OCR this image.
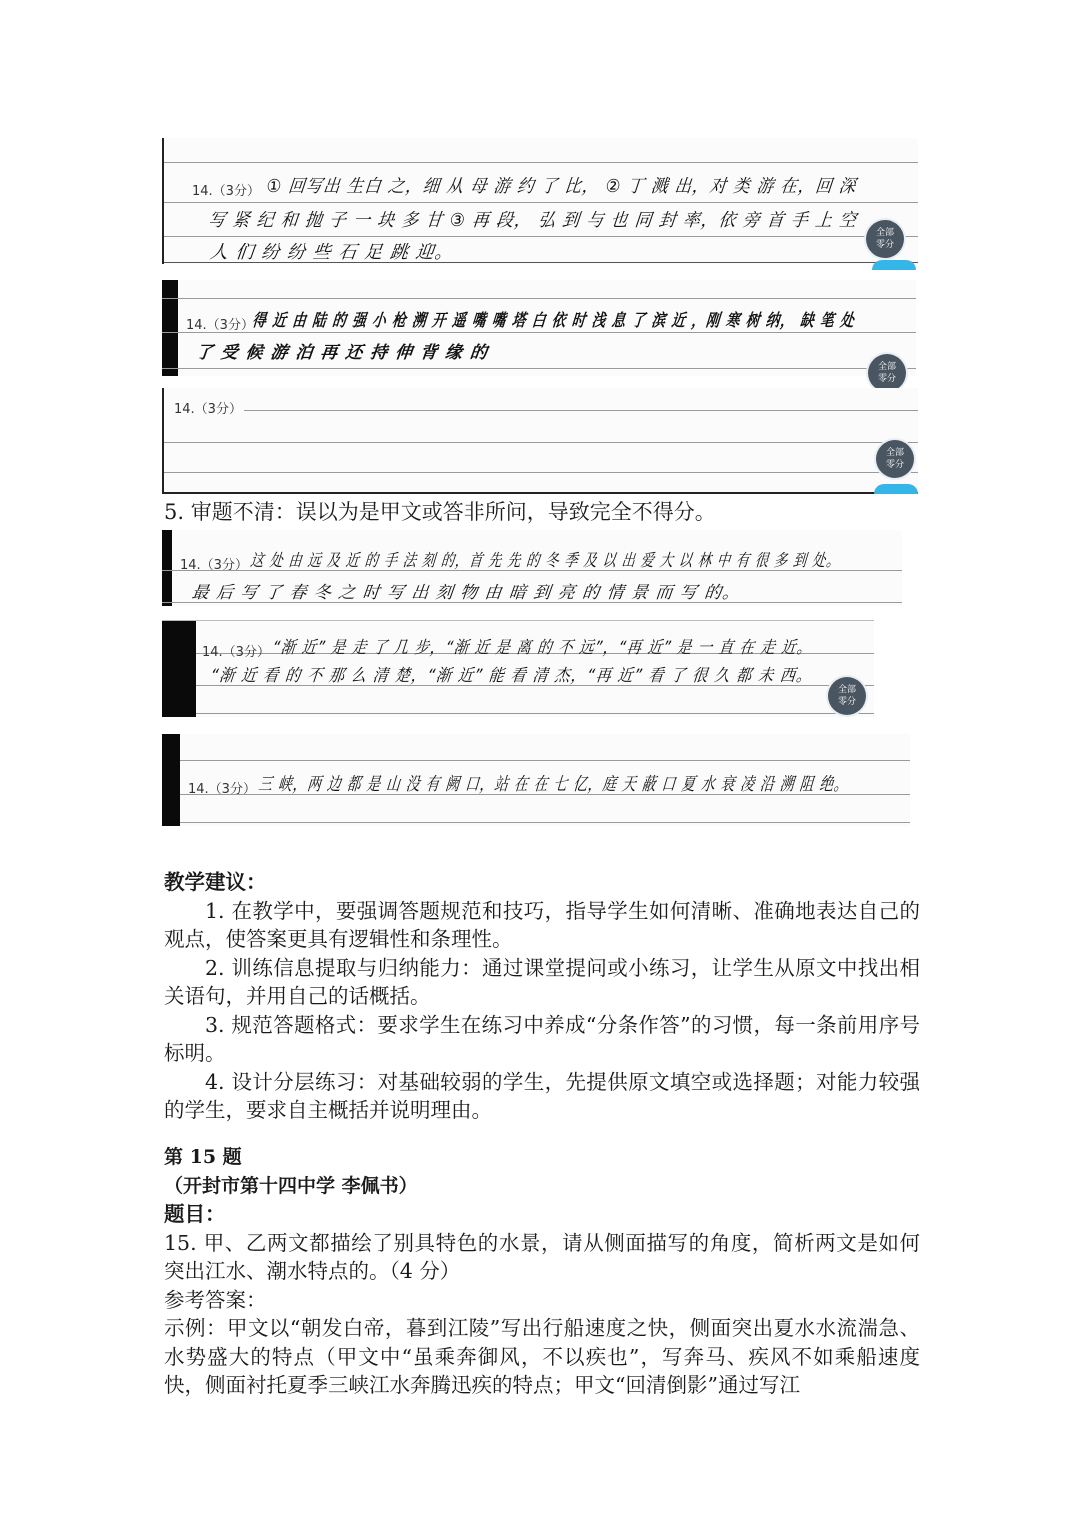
14.（3分） ① 回写出 生白 之，细 从 母 游 约 了 比， ② 丁 溅 出，对 类 游 在，回 深
写 紧 纪 和 抛 子 一 块 多 甘 ③ 再 段， 弘 到 与 也 同 封 率，依 旁 首 手 上 空
人 们 纷 纷 些 石 足 跳 迎。
全部
零分
14.（3分）
得 近 由 陆 的 强 小 枪 溯 开 遥 嘴 嘴 塔 白 依 时 浅 息 了 滨 近 ，刚 寒 树 纳， 缺 笔 处
了 受 候 游 泊 再 还 持 伸 背 缘 的
全部
零分
14.（3分）
全部
零分
5. 审题不清：误以为是甲文或答非所问，导致完全不得分。
14.（3分） 这 处 由 远 及 近 的 手 法 刻 的，首 先 先 的 冬 季 及 以 出 爱 大 以 林 中 有 很 多 到 处。
最 后 写 了 春 冬 之 时 写 出 刻 物 由 暗 到 亮 的 情 景 而 写 的。
14.（3分） “渐 近” 是 走 了 几 步，“渐 近 是 离 的 不 远”，“再 近” 是 一 直 在 走 近。
“渐 近 看 的 不 那 么 清 楚，“渐 近” 能 看 清 杰，“再 近” 看 了 很 久 都 未 西。
全部
零分
14.（3分） 三 峡，两 边 都 是 山 没 有 阙 口，站 在 在 七 亿，庭 天 蔽 口 夏 水 衰 凌 沿 溯 阻 绝。

教学建议：

1. 在教学中，要强调答题规范和技巧，指导学生如何清晰、准确地表达自己的观点，使答案更具有逻辑性和条理性。

2. 训练信息提取与归纳能力：通过课堂提问或小练习，让学生从原文中找出相关语句，并用自己的话概括。

3. 规范答题格式：要求学生在练习中养成“分条作答”的习惯，每一条前用序号标明。

4. 设计分层练习：对基础较弱的学生，先提供原文填空或选择题；对能力较强的学生，要求自主概括并说明理由。

第 15 题

（开封市第十四中学 李佩书）

题目：

15. 甲、乙两文都描绘了别具特色的水景，请从侧面描写的角度，简析两文是如何突出江水、潮水特点的。（4 分）

参考答案：

示例：甲文以“朝发白帝，暮到江陵”写出行船速度之快，侧面突出夏水水流湍急、水势盛大的特点（甲文中“虽乘奔御风，不以疾也”，写奔马、疾风不如乘船速度快，侧面衬托夏季三峡江水奔腾迅疾的特点；甲文“回清倒影”通过写江
